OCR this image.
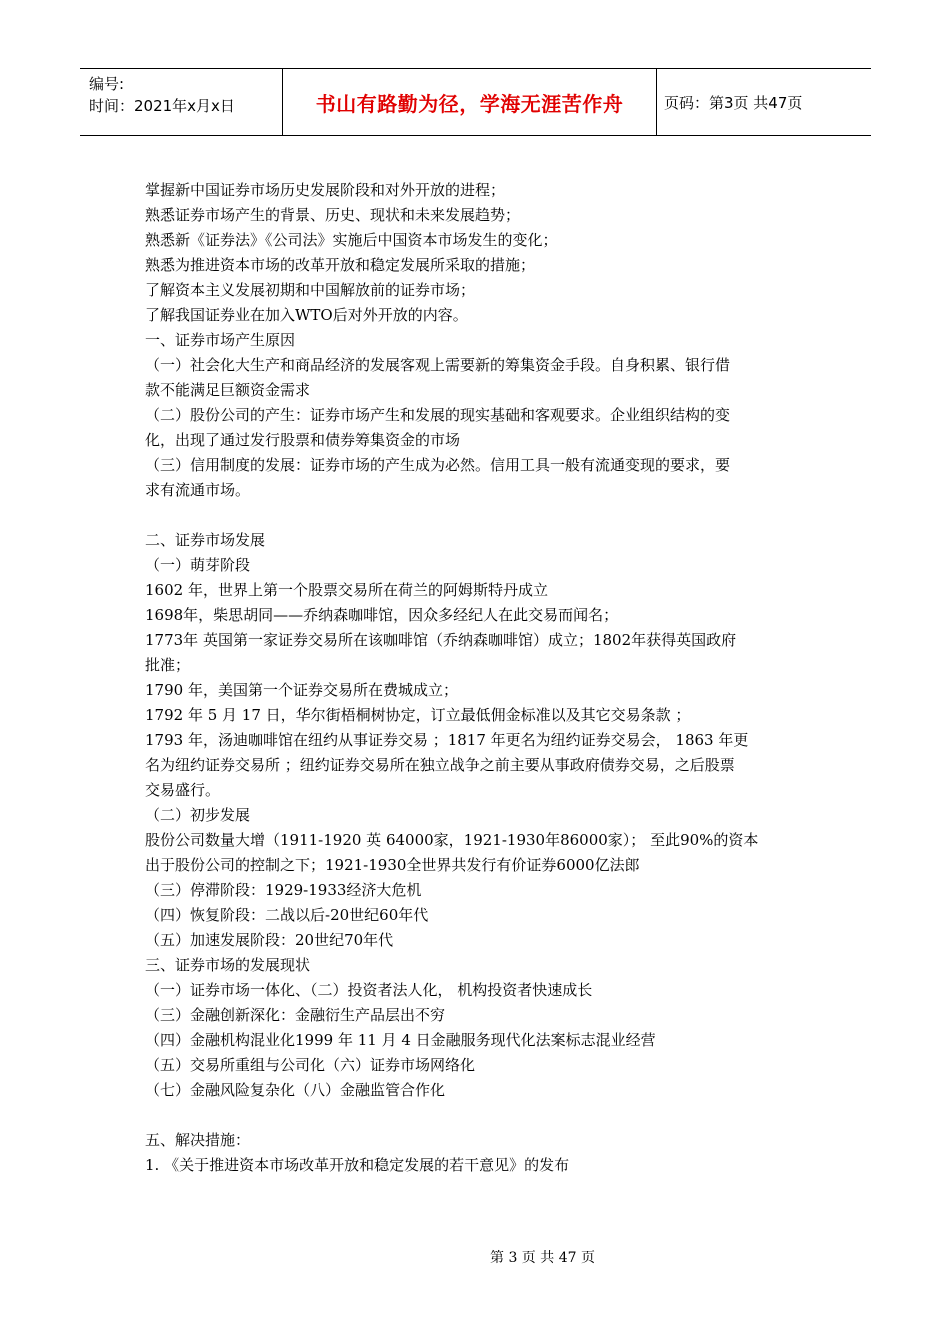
编号:
时间：2021年x月x日	书山有路勤为径，学海无涯苦作舟	页码：第3页 共47页
掌握新中国证券市场历史发展阶段和对外开放的进程；
熟悉证券市场产生的背景、历史、现状和未来发展趋势；
熟悉新《证券法》《公司法》实施后中国资本市场发生的变化；
熟悉为推进资本市场的改革开放和稳定发展所采取的措施；
了解资本主义发展初期和中国解放前的证券市场；
了解我国证券业在加入WTO后对外开放的内容。
一、证券市场产生原因
（一）社会化大生产和商品经济的发展客观上需要新的筹集资金手段。自身积累、银行借
款不能满足巨额资金需求
（二）股份公司的产生：证券市场产生和发展的现实基础和客观要求。企业组织结构的变
化，出现了通过发行股票和债券筹集资金的市场
（三）信用制度的发展：证券市场的产生成为必然。信用工具一般有流通变现的要求，要
求有流通市场。
二、证券市场发展
（一）萌芽阶段
1602 年，世界上第一个股票交易所在荷兰的阿姆斯特丹成立
1698年，柴思胡同——乔纳森咖啡馆，因众多经纪人在此交易而闻名；
1773年 英国第一家证券交易所在该咖啡馆（乔纳森咖啡馆）成立；1802年获得英国政府
批准；
1790 年，美国第一个证券交易所在费城成立；
1792 年 5 月 17 日，华尔街梧桐树协定，订立最低佣金标准以及其它交易条款 ；
1793 年，汤迪咖啡馆在纽约从事证券交易 ；1817 年更名为纽约证券交易会， 1863 年更
名为纽约证券交易所 ；纽约证券交易所在独立战争之前主要从事政府债券交易，之后股票
交易盛行。
（二）初步发展
股份公司数量大增（1911-1920 英 64000家，1921-1930年86000家）； 至此90%的资本
出于股份公司的控制之下；1921-1930全世界共发行有价证券6000亿法郎
（三）停滞阶段：1929-1933经济大危机
（四）恢复阶段：二战以后-20世纪60年代
（五）加速发展阶段：20世纪70年代
三、证券市场的发展现状
（一）证券市场一体化、（二）投资者法人化， 机构投资者快速成长
（三）金融创新深化：金融衍生产品层出不穷
（四）金融机构混业化1999 年 11 月 4 日金融服务现代化法案标志混业经营
（五）交易所重组与公司化（六）证券市场网络化
（七）金融风险复杂化（八）金融监管合作化
五、解决措施：
1. 《关于推进资本市场改革开放和稳定发展的若干意见》的发布
第 3 页 共 47 页
